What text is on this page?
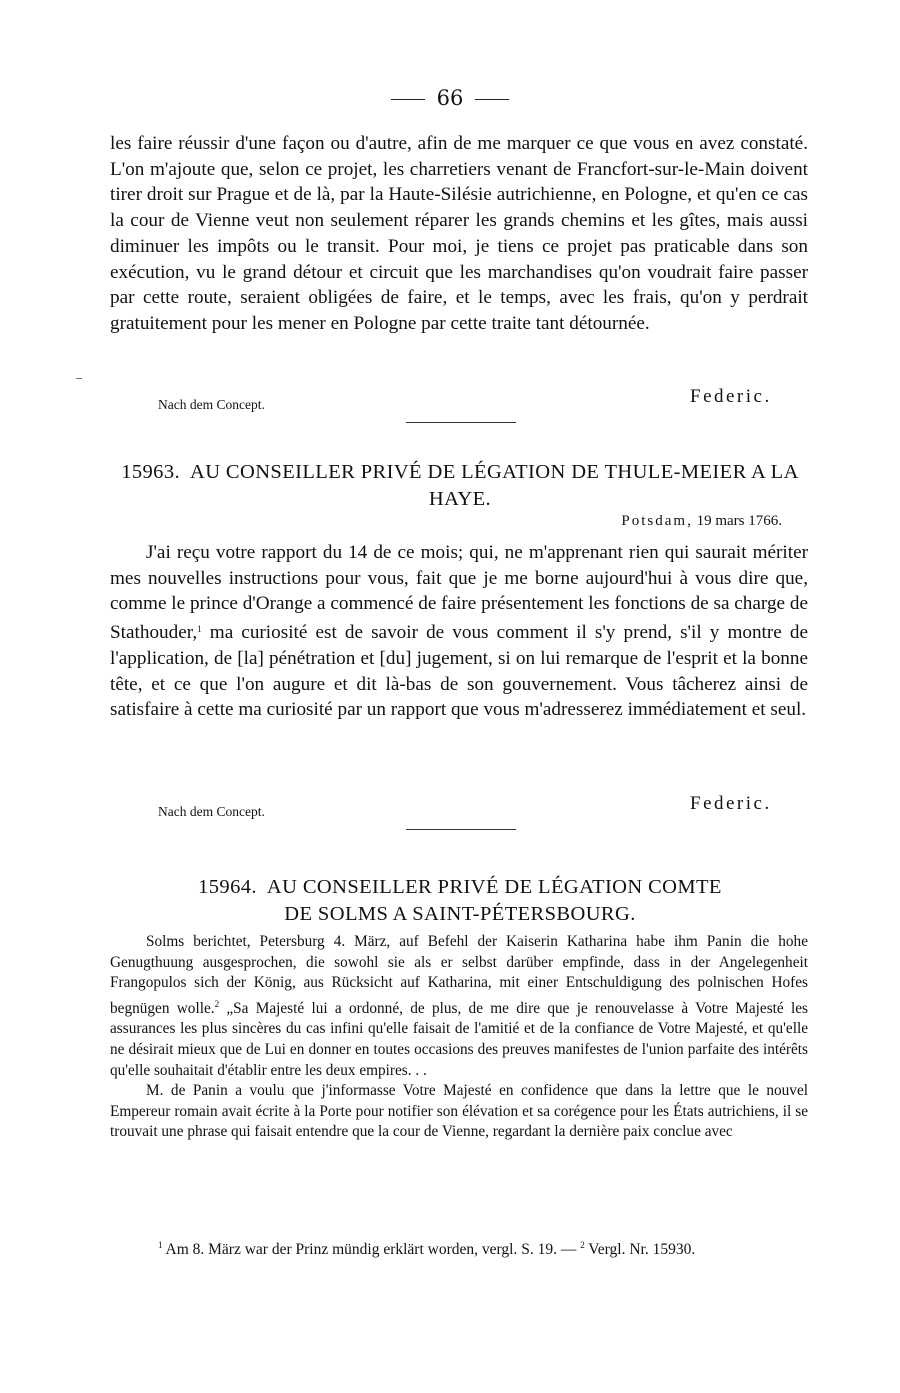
66

les faire réussir d'une façon ou d'autre, afin de me marquer ce que vous en avez constaté. L'on m'ajoute que, selon ce projet, les charretiers venant de Francfort-sur-le-Main doivent tirer droit sur Prague et de là, par la Haute-Silésie autrichienne, en Pologne, et qu'en ce cas la cour de Vienne veut non seulement réparer les grands chemins et les gîtes, mais aussi diminuer les impôts ou le transit. Pour moi, je tiens ce projet pas praticable dans son exécution, vu le grand détour et circuit que les marchandises qu'on voudrait faire passer par cette route, seraient obligées de faire, et le temps, avec les frais, qu'on y perdrait gratuitement pour les mener en Pologne par cette traite tant détournée.

Nach dem Concept.	Federic.
15963. AU CONSEILLER PRIVÉ DE LÉGATION DE THULE-MEIER A LA HAYE.
Potsdam, 19 mars 1766.

J'ai reçu votre rapport du 14 de ce mois; qui, ne m'apprenant rien qui saurait mériter mes nouvelles instructions pour vous, fait que je me borne aujourd'hui à vous dire que, comme le prince d'Orange a commencé de faire présentement les fonctions de sa charge de Stathouder,$^1$ ma curiosité est de savoir de vous comment il s'y prend, s'il y montre de l'application, de [la] pénétration et [du] jugement, si on lui remarque de l'esprit et la bonne tête, et ce que l'on augure et dit là-bas de son gouvernement. Vous tâcherez ainsi de satisfaire à cette ma curiosité par un rapport que vous m'adresserez immédiatement et seul.

Nach dem Concept.	Federic.
15964. AU CONSEILLER PRIVÉ DE LÉGATION COMTE
DE SOLMS A SAINT-PÉTERSBOURG.

Solms berichtet, Petersburg 4. März, auf Befehl der Kaiserin Katharina habe ihm Panin die hohe Genugthuung ausgesprochen, die sowohl sie als er selbst darüber empfinde, dass in der Angelegenheit Frangopulos sich der König, aus Rücksicht auf Katharina, mit einer Entschuldigung des polnischen Hofes begnügen wolle.$^2$ „Sa Majesté lui a ordonné, de plus, de me dire que je renouvelasse à Votre Majesté les assurances les plus sincères du cas infini qu'elle faisait de l'amitié et de la confiance de Votre Majesté, et qu'elle ne désirait mieux que de Lui en donner en toutes occasions des preuves manifestes de l'union parfaite des intérêts qu'elle souhaitait d'établir entre les deux empires. . .

M. de Panin a voulu que j'informasse Votre Majesté en confidence que dans la lettre que le nouvel Empereur romain avait écrite à la Porte pour notifier son élévation et sa corégence pour les États autrichiens, il se trouvait une phrase qui faisait entendre que la cour de Vienne, regardant la dernière paix conclue avec

$^1$ Am 8. März war der Prinz mündig erklärt worden, vergl. S. 19. — $^2$ Vergl. Nr. 15930.
